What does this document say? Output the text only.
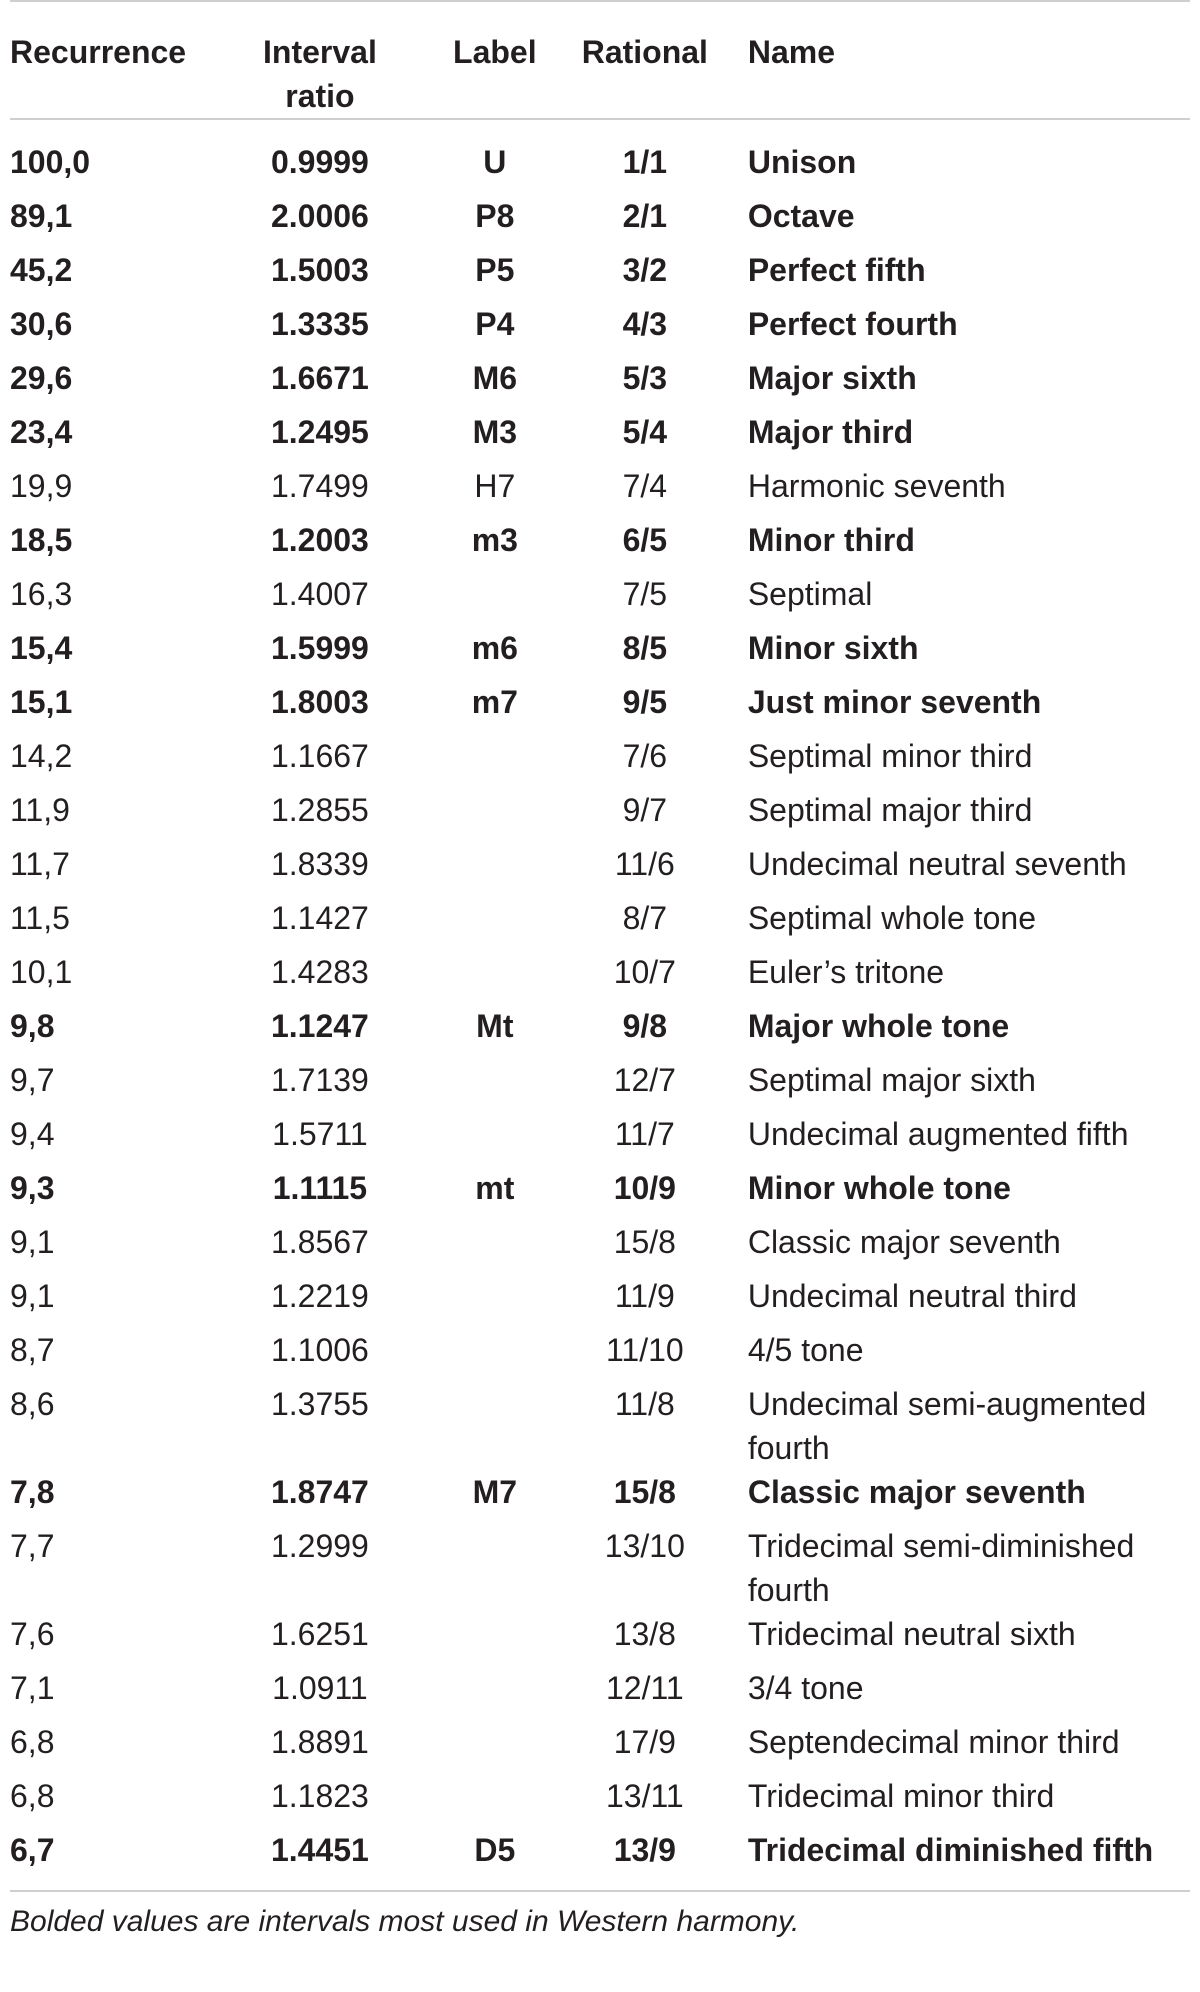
Recurrence	Interval ratio	Label	Rational	Name
100,0	0.9999	U	1/1	Unison
89,1	2.0006	P8	2/1	Octave
45,2	1.5003	P5	3/2	Perfect fifth
30,6	1.3335	P4	4/3	Perfect fourth
29,6	1.6671	M6	5/3	Major sixth
23,4	1.2495	M3	5/4	Major third
19,9	1.7499	H7	7/4	Harmonic seventh
18,5	1.2003	m3	6/5	Minor third
16,3	1.4007		7/5	Septimal
15,4	1.5999	m6	8/5	Minor sixth
15,1	1.8003	m7	9/5	Just minor seventh
14,2	1.1667		7/6	Septimal minor third
11,9	1.2855		9/7	Septimal major third
11,7	1.8339		11/6	Undecimal neutral seventh
11,5	1.1427		8/7	Septimal whole tone
10,1	1.4283		10/7	Euler’s tritone
9,8	1.1247	Mt	9/8	Major whole tone
9,7	1.7139		12/7	Septimal major sixth
9,4	1.5711		11/7	Undecimal augmented fifth
9,3	1.1115	mt	10/9	Minor whole tone
9,1	1.8567		15/8	Classic major seventh
9,1	1.2219		11/9	Undecimal neutral third
8,7	1.1006		11/10	4/5 tone
8,6	1.3755		11/8	Undecimal semi-augmented fourth
7,8	1.8747	M7	15/8	Classic major seventh
7,7	1.2999		13/10	Tridecimal semi-diminished fourth
7,6	1.6251		13/8	Tridecimal neutral sixth
7,1	1.0911		12/11	3/4 tone
6,8	1.8891		17/9	Septendecimal minor third
6,8	1.1823		13/11	Tridecimal minor third
6,7	1.4451	D5	13/9	Tridecimal diminished fifth
Bolded values are intervals most used in Western harmony.				
